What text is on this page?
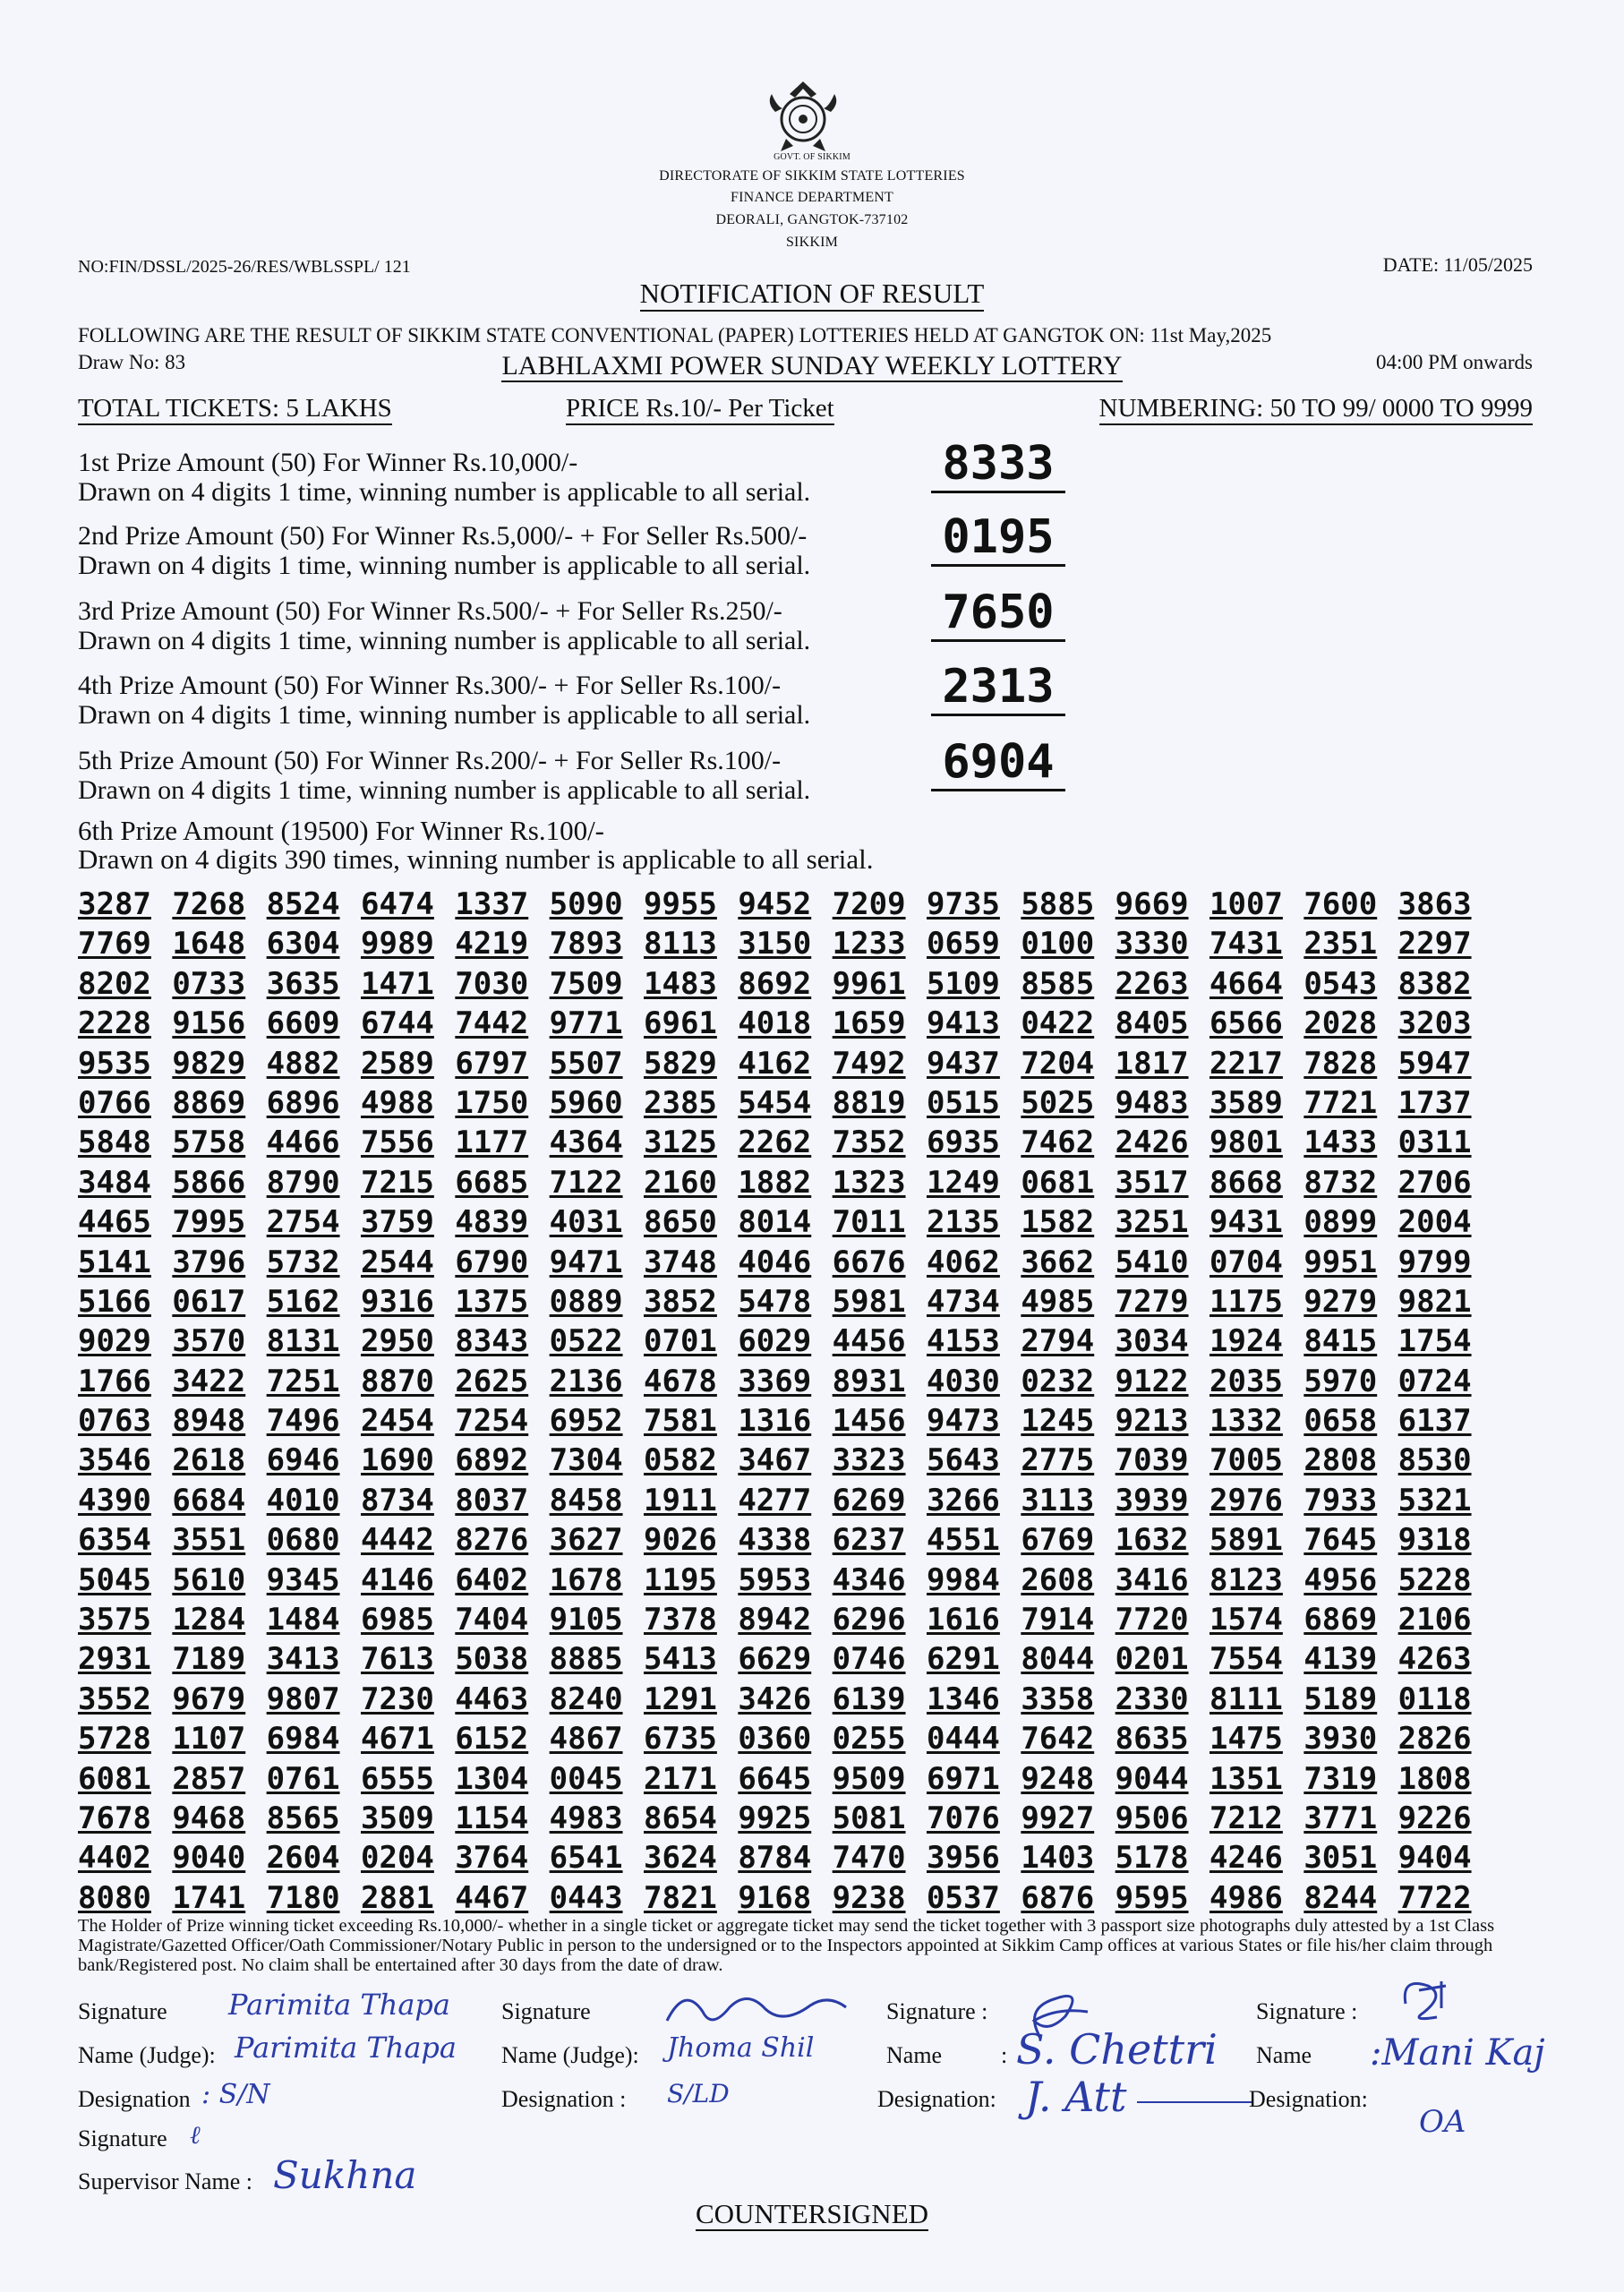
GOVT. OF SIKKIM
DIRECTORATE OF SIKKIM STATE LOTTERIES
FINANCE DEPARTMENT
DEORALI, GANGTOK-737102
SIKKIM
NO:FIN/DSSL/2025-26/RES/WBLSSPL/ 121	DATE: 11/05/2025
NOTIFICATION OF RESULT
FOLLOWING ARE THE RESULT OF SIKKIM STATE CONVENTIONAL (PAPER) LOTTERIES HELD AT GANGTOK ON: 11st May,2025
Draw No: 83	LABHLAXMI POWER SUNDAY WEEKLY LOTTERY	04:00 PM onwards
TOTAL TICKETS: 5 LAKHS	PRICE Rs.10/- Per Ticket	NUMBERING: 50 TO 99/ 0000 TO 9999
1st Prize Amount (50) For Winner Rs.10,000/-
Drawn on 4 digits 1 time, winning number is applicable to all serial.
8333
2nd Prize Amount (50) For Winner Rs.5,000/- + For Seller Rs.500/-
Drawn on 4 digits 1 time, winning number is applicable to all serial.
0195
3rd Prize Amount (50) For Winner Rs.500/- + For Seller Rs.250/-
Drawn on 4 digits 1 time, winning number is applicable to all serial.
7650
4th Prize Amount (50) For Winner Rs.300/- + For Seller Rs.100/-
Drawn on 4 digits 1 time, winning number is applicable to all serial.
2313
5th Prize Amount (50) For Winner Rs.200/- + For Seller Rs.100/-
Drawn on 4 digits 1 time, winning number is applicable to all serial.
6904
6th Prize Amount (19500) For Winner Rs.100/-
Drawn on 4 digits 390 times, winning number is applicable to all serial.
3287 7268 8524 6474 1337 5090 9955 9452 7209 9735 5885 9669 1007 7600 3863
7769 1648 6304 9989 4219 7893 8113 3150 1233 0659 0100 3330 7431 2351 2297
8202 0733 3635 1471 7030 7509 1483 8692 9961 5109 8585 2263 4664 0543 8382
2228 9156 6609 6744 7442 9771 6961 4018 1659 9413 0422 8405 6566 2028 3203
9535 9829 4882 2589 6797 5507 5829 4162 7492 9437 7204 1817 2217 7828 5947
0766 8869 6896 4988 1750 5960 2385 5454 8819 0515 5025 9483 3589 7721 1737
5848 5758 4466 7556 1177 4364 3125 2262 7352 6935 7462 2426 9801 1433 0311
3484 5866 8790 7215 6685 7122 2160 1882 1323 1249 0681 3517 8668 8732 2706
4465 7995 2754 3759 4839 4031 8650 8014 7011 2135 1582 3251 9431 0899 2004
5141 3796 5732 2544 6790 9471 3748 4046 6676 4062 3662 5410 0704 9951 9799
5166 0617 5162 9316 1375 0889 3852 5478 5981 4734 4985 7279 1175 9279 9821
9029 3570 8131 2950 8343 0522 0701 6029 4456 4153 2794 3034 1924 8415 1754
1766 3422 7251 8870 2625 2136 4678 3369 8931 4030 0232 9122 2035 5970 0724
0763 8948 7496 2454 7254 6952 7581 1316 1456 9473 1245 9213 1332 0658 6137
3546 2618 6946 1690 6892 7304 0582 3467 3323 5643 2775 7039 7005 2808 8530
4390 6684 4010 8734 8037 8458 1911 4277 6269 3266 3113 3939 2976 7933 5321
6354 3551 0680 4442 8276 3627 9026 4338 6237 4551 6769 1632 5891 7645 9318
5045 5610 9345 4146 6402 1678 1195 5953 4346 9984 2608 3416 8123 4956 5228
3575 1284 1484 6985 7404 9105 7378 8942 6296 1616 7914 7720 1574 6869 2106
2931 7189 3413 7613 5038 8885 5413 6629 0746 6291 8044 0201 7554 4139 4263
3552 9679 9807 7230 4463 8240 1291 3426 6139 1346 3358 2330 8111 5189 0118
5728 1107 6984 4671 6152 4867 6735 0360 0255 0444 7642 8635 1475 3930 2826
6081 2857 0761 6555 1304 0045 2171 6645 9509 6971 9248 9044 1351 7319 1808
7678 9468 8565 3509 1154 4983 8654 9925 5081 7076 9927 9506 7212 3771 9226
4402 9040 2604 0204 3764 6541 3624 8784 7470 3956 1403 5178 4246 3051 9404
8080 1741 7180 2881 4467 0443 7821 9168 9238 0537 6876 9595 4986 8244 7722
The Holder of Prize winning ticket exceeding Rs.10,000/- whether in a single ticket or aggregate ticket may send the ticket together with 3 passport size photographs duly attested by a 1st Class Magistrate/Gazetted Officer/Oath Commissioner/Notary Public in person to the undersigned or to the Inspectors appointed at Sikkim Camp offices at various States or file his/her claim through bank/Registered post. No claim shall be entertained after 30 days from the date of draw.
Signature Parimita Thapa
Name (Judge): Parimita Thapa
Designation : S/N
Signature ℓ
Supervisor Name : Sukhna
Signature
Name (Judge): Jhoma Shil
Designation : S/LD
Signature :
Name	: S. Chettri
Designation: J. Att
Signature :
Name :Mani Kaj
Designation:
OA
COUNTERSIGNED
